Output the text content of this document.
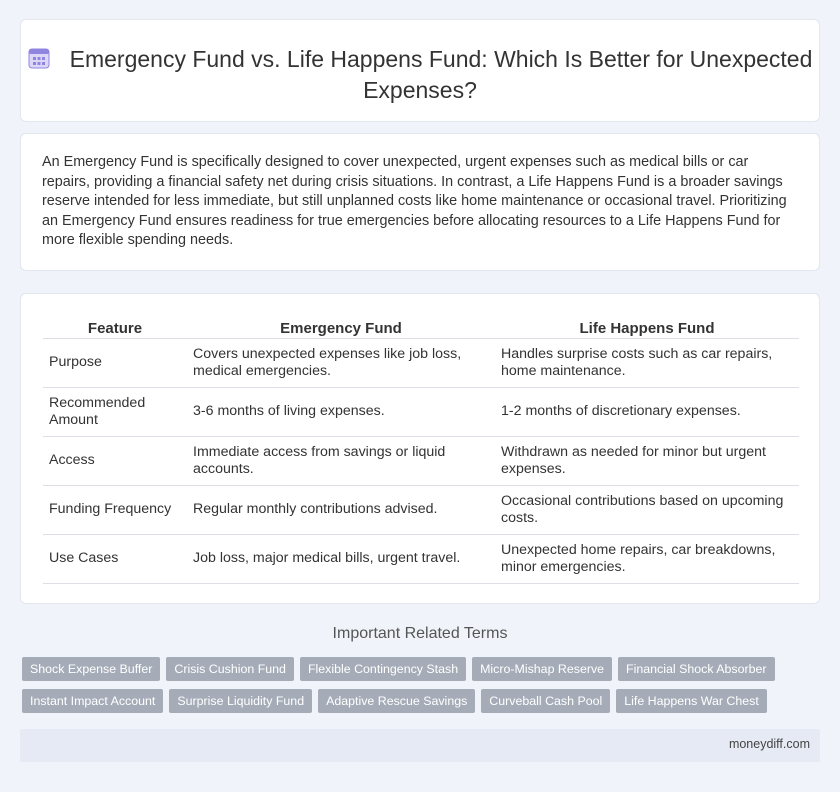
Emergency Fund vs. Life Happens Fund: Which Is Better for Unexpected Expenses?

An Emergency Fund is specifically designed to cover unexpected, urgent expenses such as medical bills or car repairs, providing a financial safety net during crisis situations. In contrast, a Life Happens Fund is a broader savings reserve intended for less immediate, but still unplanned costs like home maintenance or occasional travel. Prioritizing an Emergency Fund ensures readiness for true emergencies before allocating resources to a Life Happens Fund for more flexible spending needs.

Feature	Emergency Fund	Life Happens Fund
Purpose	Covers unexpected expenses like job loss, medical emergencies.	Handles surprise costs such as car repairs, home maintenance.
Recommended Amount	3-6 months of living expenses.	1-2 months of discretionary expenses.
Access	Immediate access from savings or liquid accounts.	Withdrawn as needed for minor but urgent expenses.
Funding Frequency	Regular monthly contributions advised.	Occasional contributions based on upcoming costs.
Use Cases	Job loss, major medical bills, urgent travel.	Unexpected home repairs, car breakdowns, minor emergencies.
Important Related Terms
Shock Expense Buffer	Crisis Cushion Fund	Flexible Contingency Stash	Micro-Mishap Reserve	Financial Shock Absorber
Instant Impact Account	Surprise Liquidity Fund	Adaptive Rescue Savings	Curveball Cash Pool	Life Happens War Chest
moneydiff.com
